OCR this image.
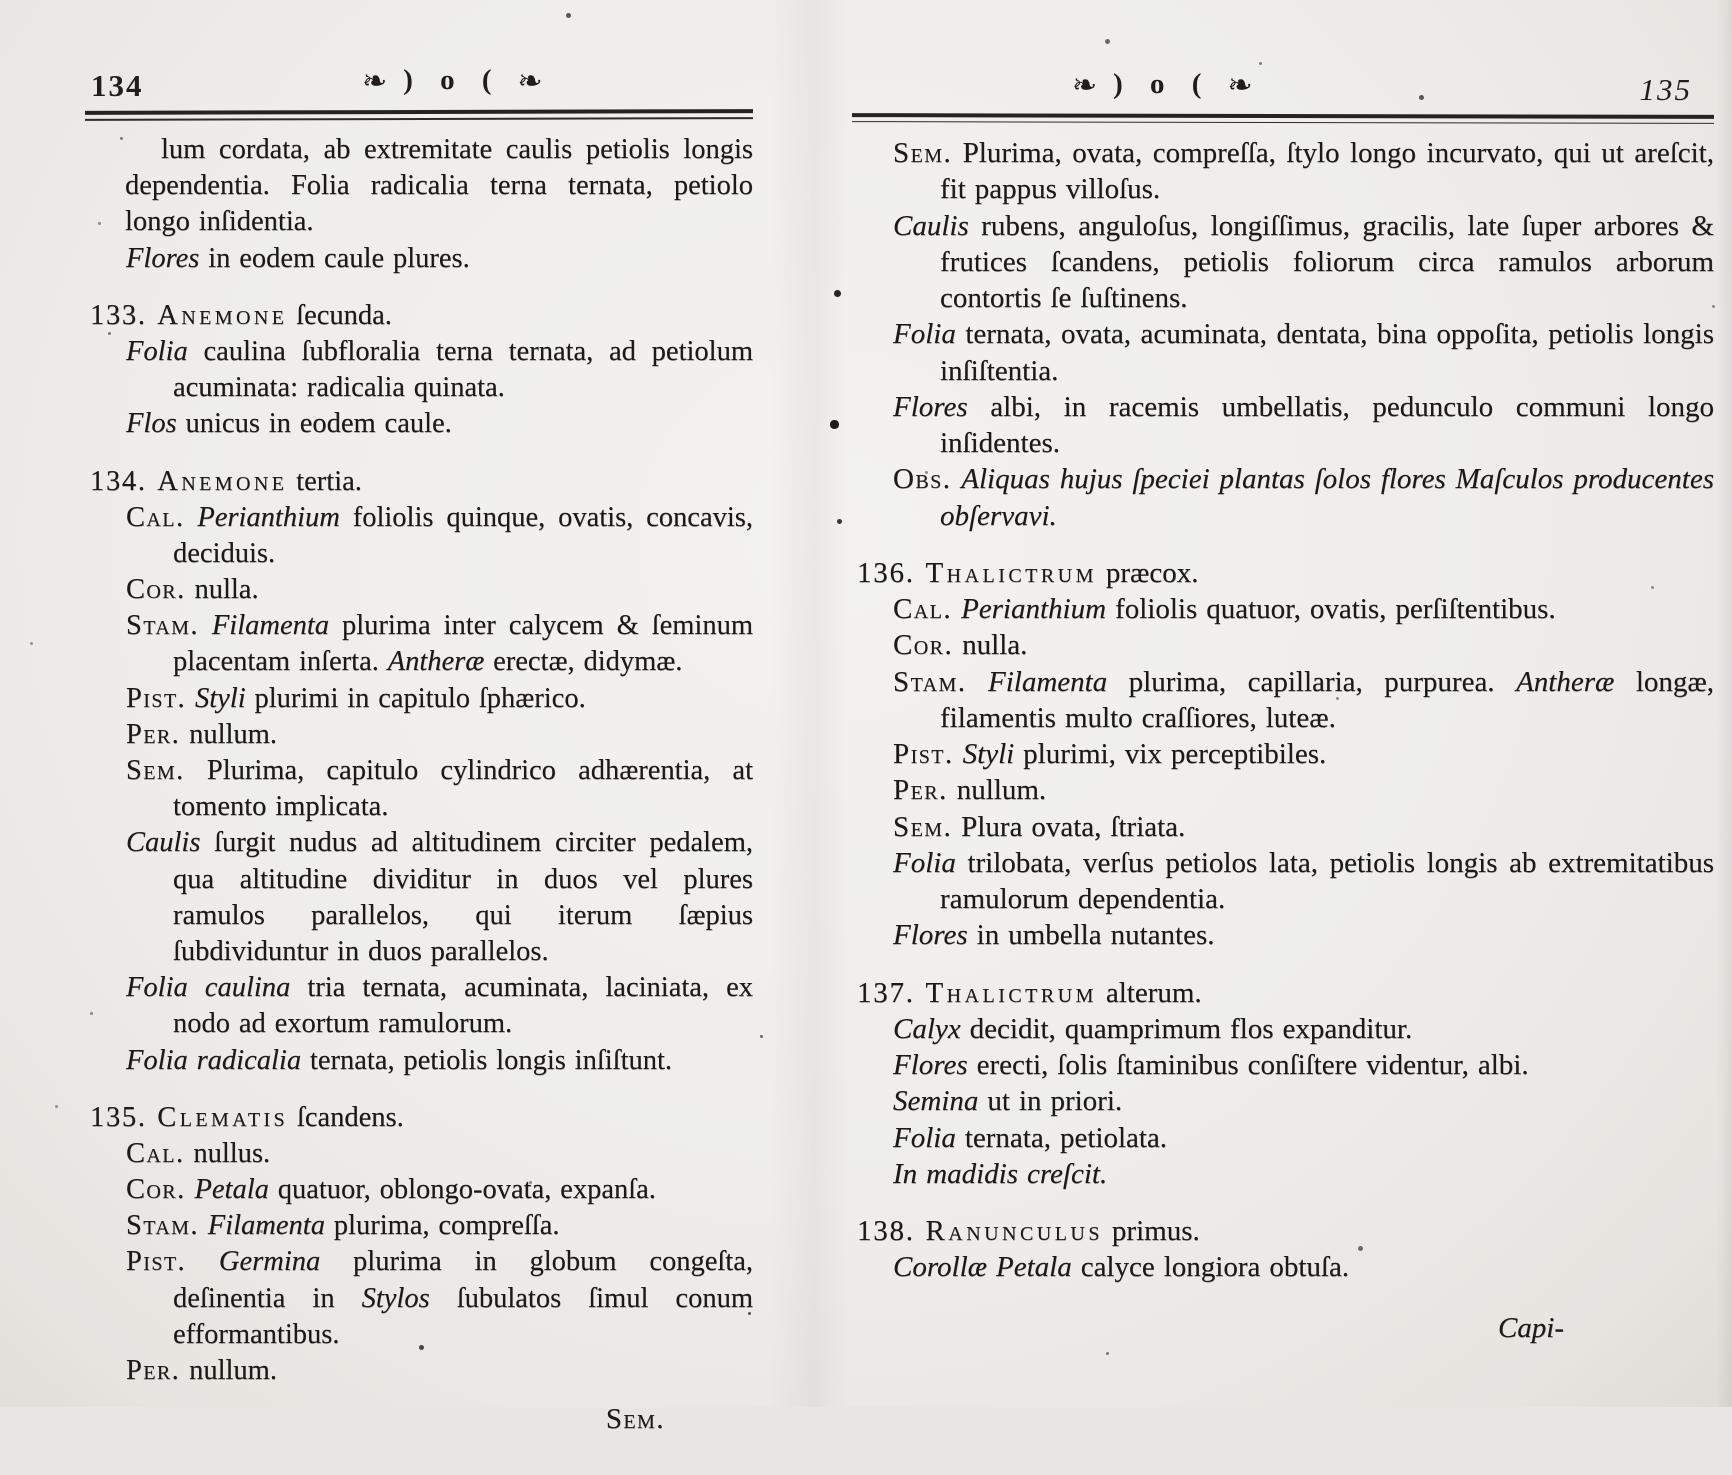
134	❧ ) o ( ❧

lum cordata, ab extremitate caulis petiolis longis dependentia. Folia radicalia terna ternata, petiolo longo inſidentia.

Flores in eodem caule plures.

133. Anemone ſecunda.

Folia caulina ſubfloralia terna ternata, ad petiolum acuminata: radicalia quinata.

Flos unicus in eodem caule.

134. Anemone tertia.

Cal. Perianthium foliolis quinque, ovatis, concavis, deciduis.

Cor. nulla.

Stam. Filamenta plurima inter calycem & ſeminum placentam inſerta. Antheræ erectæ, didymæ.

Pist. Styli plurimi in capitulo ſphærico.

Per. nullum.

Sem. Plurima, capitulo cylindrico adhærentia, at tomento implicata.

Caulis ſurgit nudus ad altitudinem circiter pedalem, qua altitudine dividitur in duos vel plures ramulos parallelos, qui iterum ſæpius ſubdividuntur in duos parallelos.

Folia caulina tria ternata, acuminata, laciniata, ex nodo ad exortum ramulorum.

Folia radicalia ternata, petiolis longis inſiſtunt.

135. Clematis ſcandens.

Cal. nullus.

Cor. Petala quatuor, oblongo-ovata, expanſa.

Stam. Filamenta plurima, compreſſa.

Pist. Germina plurima in globum congeſta, deſinentia in Stylos ſubulatos ſimul conum efformantibus.

Per. nullum.

Sem.
❧ ) o ( ❧	135

Sem. Plurima, ovata, compreſſa, ſtylo longo incurvato, qui ut areſcit, fit pappus villoſus.

Caulis rubens, anguloſus, longiſſimus, gracilis, late ſuper arbores & frutices ſcandens, petiolis foliorum circa ramulos arborum contortis ſe ſuſtinens.

Folia ternata, ovata, acuminata, dentata, bina oppoſita, petiolis longis inſiſtentia.

Flores albi, in racemis umbellatis, pedunculo communi longo inſidentes.

Obs. Aliquas hujus ſpeciei plantas ſolos flores Maſculos producentes obſervavi.

136. Thalictrum præcox.

Cal. Perianthium foliolis quatuor, ovatis, perſiſtentibus.

Cor. nulla.

Stam. Filamenta plurima, capillaria, purpurea. Antheræ longæ, filamentis multo craſſiores, luteæ.

Pist. Styli plurimi, vix perceptibiles.

Per. nullum.

Sem. Plura ovata, ſtriata.

Folia trilobata, verſus petiolos lata, petiolis longis ab extremitatibus ramulorum dependentia.

Flores in umbella nutantes.

137. Thalictrum alterum.

Calyx decidit, quamprimum flos expanditur.

Flores erecti, ſolis ſtaminibus conſiſtere videntur, albi.

Semina ut in priori.

Folia ternata, petiolata.

In madidis creſcit.

138. Ranunculus primus.

Corollæ Petala calyce longiora obtuſa.

Capi-
